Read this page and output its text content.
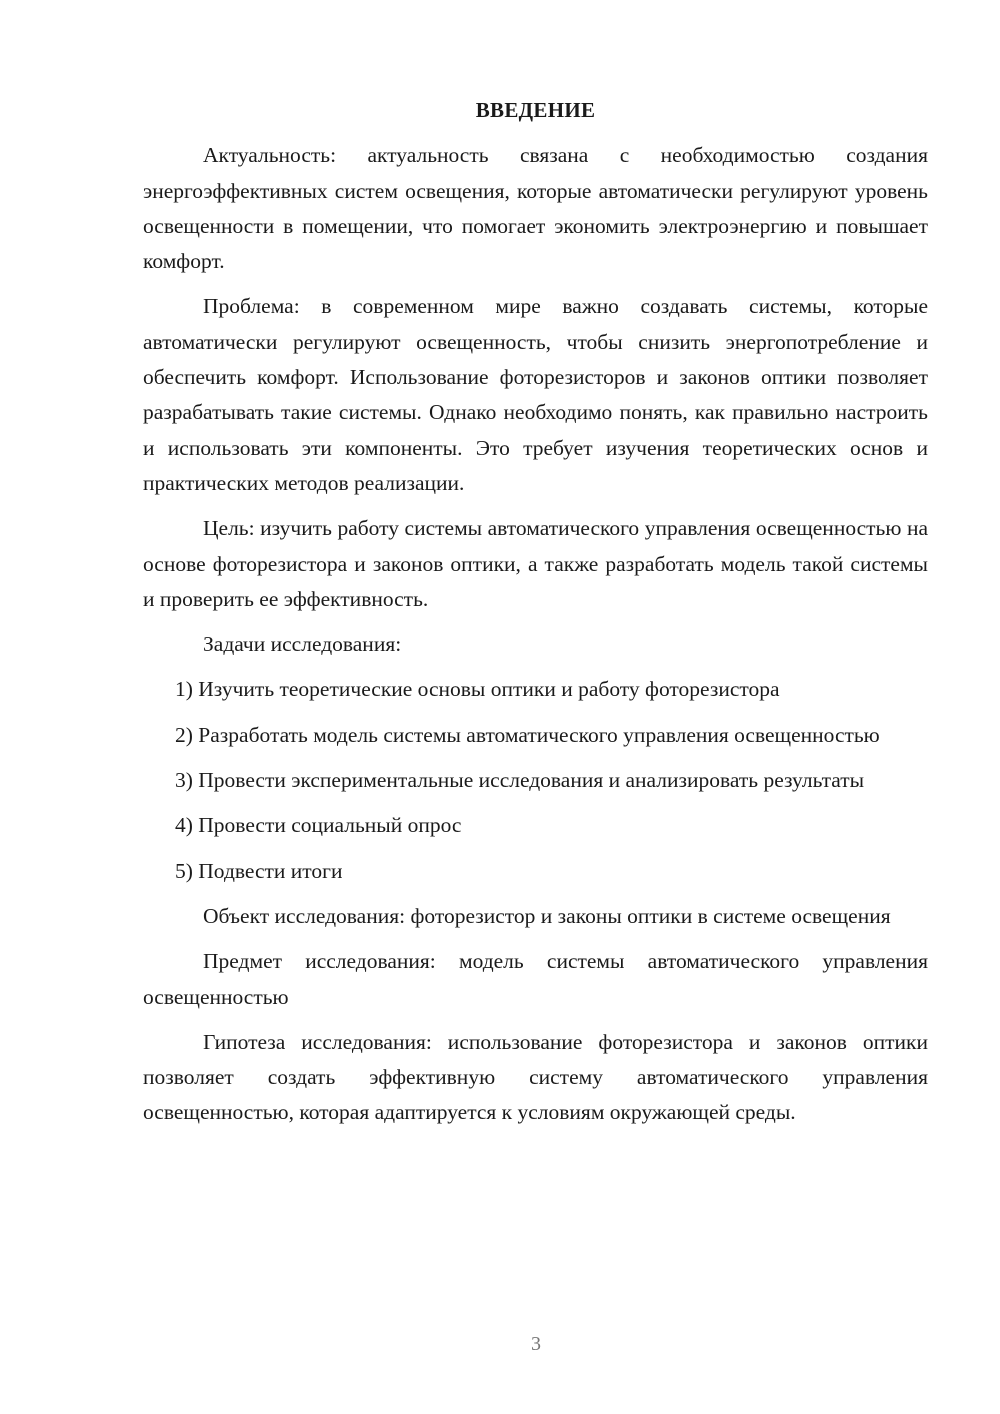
ВВЕДЕНИЕ

Актуальность: актуальность связана с необходимостью создания энергоэффективных систем освещения, которые автоматически регулируют уровень освещенности в помещении, что помогает экономить электроэнергию и повышает комфорт.

Проблема: в современном мире важно создавать системы, которые автоматически регулируют освещенность, чтобы снизить энергопотребление и обеспечить комфорт. Использование фоторезисторов и законов оптики позволяет разрабатывать такие системы. Однако необходимо понять, как правильно настроить и использовать эти компоненты. Это требует изучения теоретических основ и практических методов реализации.

Цель: изучить работу системы автоматического управления освещенностью на основе фоторезистора и законов оптики, а также разработать модель такой системы и проверить ее эффективность.

Задачи исследования:

1) Изучить теоретические основы оптики и работу фоторезистора

2) Разработать модель системы автоматического управления освещенностью

3) Провести экспериментальные исследования и анализировать результаты

4) Провести социальный опрос

5) Подвести итоги

Объект исследования: фоторезистор и законы оптики в системе освещения

Предмет исследования: модель системы автоматического управления освещенностью

Гипотеза исследования: использование фоторезистора и законов оптики позволяет создать эффективную систему автоматического управления освещенностью, которая адаптируется к условиям окружающей среды.

3
